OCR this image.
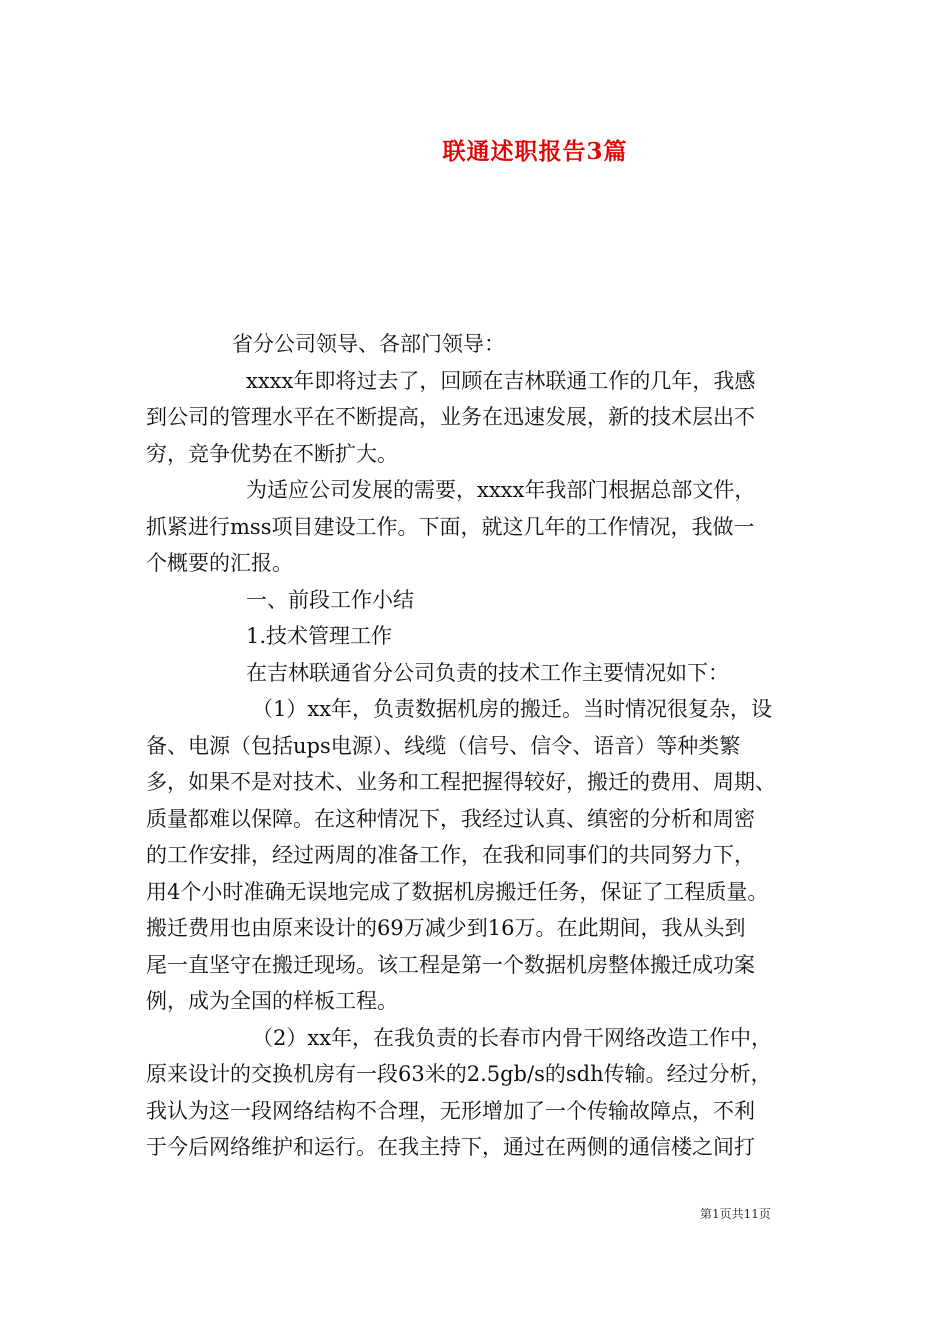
联通述职报告3篇
省分公司领导、各部门领导：
xxxx年即将过去了，回顾在吉林联通工作的几年，我感
到公司的管理水平在不断提高，业务在迅速发展，新的技术层出不
穷，竞争优势在不断扩大。
为适应公司发展的需要，xxxx年我部门根据总部文件，
抓紧进行mss项目建设工作。下面，就这几年的工作情况，我做一
个概要的汇报。
一、前段工作小结
1.技术管理工作
在吉林联通省分公司负责的技术工作主要情况如下：
（1）xx年，负责数据机房的搬迁。当时情况很复杂，设
备、电源（包括ups电源）、线缆（信号、信令、语音）等种类繁
多，如果不是对技术、业务和工程把握得较好，搬迁的费用、周期、
质量都难以保障。在这种情况下，我经过认真、缜密的分析和周密
的工作安排，经过两周的准备工作，在我和同事们的共同努力下，
用4个小时准确无误地完成了数据机房搬迁任务，保证了工程质量。
搬迁费用也由原来设计的69万减少到16万。在此期间，我从头到
尾一直坚守在搬迁现场。该工程是第一个数据机房整体搬迁成功案
例，成为全国的样板工程。
（2）xx年，在我负责的长春市内骨干网络改造工作中，
原来设计的交换机房有一段63米的2.5gb/s的sdh传输。经过分析，
我认为这一段网络结构不合理，无形增加了一个传输故障点，不利
于今后网络维护和运行。在我主持下，通过在两侧的通信楼之间打
第1页共11页
